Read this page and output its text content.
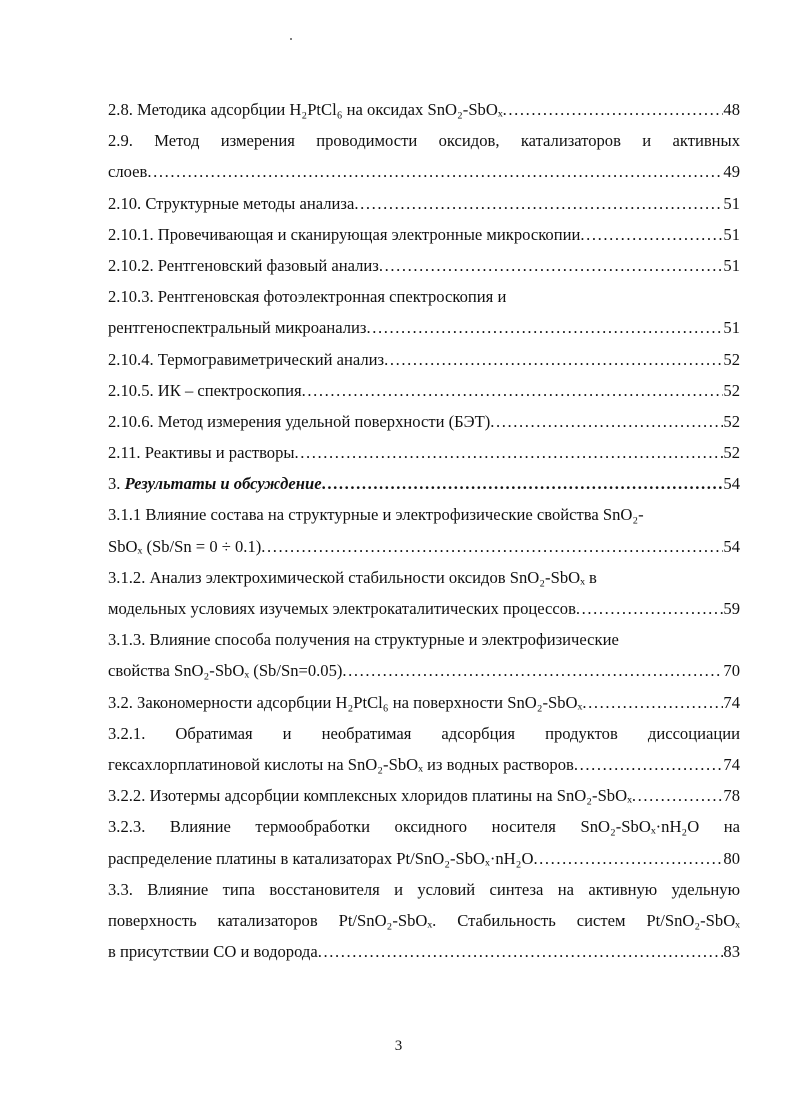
2.8. Методика адсорбции H₂PtCl₆ на оксидах SnO₂-SbOₓ .....	48
2.9. Метод измерения проводимости оксидов, катализаторов и активных
слоев .....	49
2.10. Структурные методы анализа .....	51
2.10.1. Провечивающая и сканирующая электронные микроскопии .....	51
2.10.2. Рентгеновский фазовый анализ .....	51
2.10.3. Рентгеновская фотоэлектронная спектроскопия и
рентгеноспектральный микроанализ .....	51
2.10.4. Термогравиметрический анализ .....	52
2.10.5. ИК – спектроскопия .....	52
2.10.6. Метод измерения удельной поверхности (БЭТ) .....	52
2.11. Реактивы и растворы .....	52
3. Результаты и обсуждение .....	54
3.1.1 Влияние состава на структурные и электрофизические свойства SnO₂-
SbOₓ (Sb/Sn = 0 ÷ 0.1) .....	54
3.1.2. Анализ электрохимической стабильности оксидов SnO₂-SbOₓ в
модельных условиях изучемых электрокаталитических процессов .....	59
3.1.3. Влияние способа получения на структурные и электрофизические
свойства SnO₂-SbOₓ (Sb/Sn=0.05) .....	70
3.2. Закономерности адсорбции H₂PtCl₆ на поверхности SnO₂-SbOₓ .....	74
3.2.1. Обратимая и необратимая адсорбция продуктов диссоциации
гексахлорплатиновой кислоты на SnO₂-SbOₓ из водных растворов .....	74
3.2.2. Изотермы адсорбции комплексных хлоридов платины на SnO₂-SbOₓ .....	78
3.2.3. Влияние термообработки оксидного носителя SnO₂-SbOₓ·nH₂O на
распределение платины в катализаторах Pt/SnO₂-SbOₓ·nH₂O .....	80
3.3. Влияние типа восстановителя и условий синтеза на активную удельную
поверхность катализаторов Pt/SnO₂-SbOₓ. Стабильность систем Pt/SnO₂-SbOₓ
в присутствии CO и водорода .....	83
3
